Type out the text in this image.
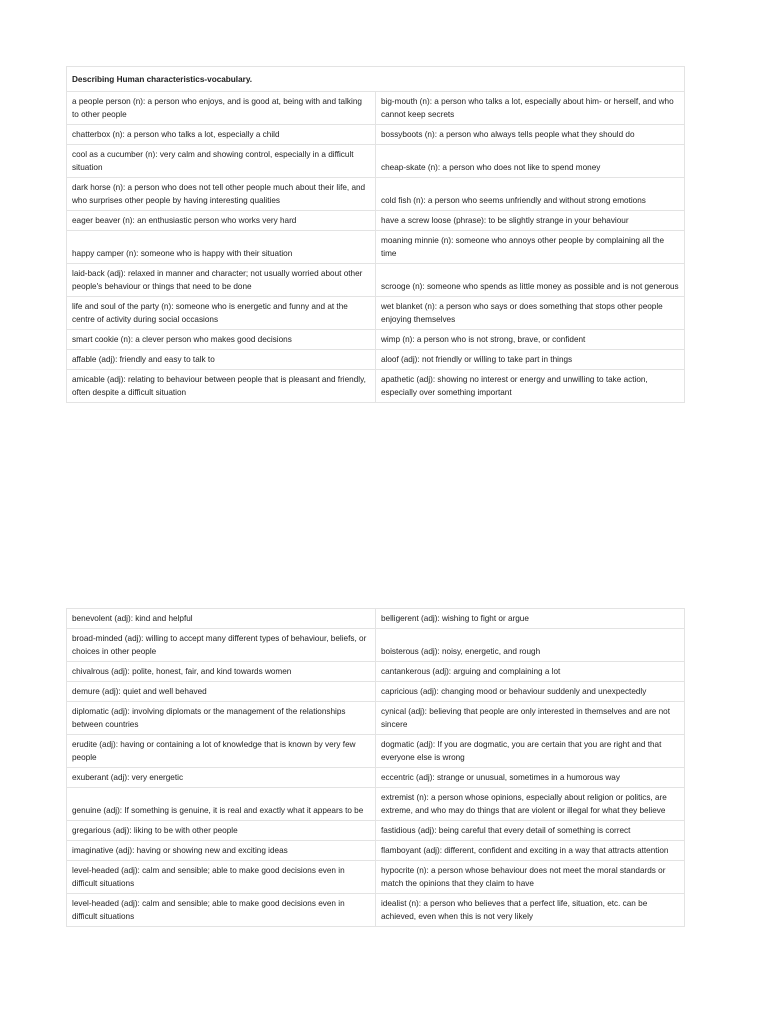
Describing Human characteristics-vocabulary.	
a people person (n): a person who enjoys, and is good at, being with and talking to other people	big-mouth (n): a person who talks a lot, especially about him- or herself, and who cannot keep secrets
chatterbox (n): a person who talks a lot, especially a child	bossyboots (n): a person who always tells people what they should do
cool as a cucumber (n): very calm and showing control, especially in a difficult situation	cheap-skate (n): a person who does not like to spend money
dark horse (n): a person who does not tell other people much about their life, and who surprises other people by having interesting qualities	cold fish (n): a person who seems unfriendly and without strong emotions
eager beaver (n): an enthusiastic person who works very hard	have a screw loose (phrase): to be slightly strange in your behaviour
happy camper (n): someone who is happy with their situation	moaning minnie (n): someone who annoys other people by complaining all the time
laid-back (adj): relaxed in manner and character; not usually worried about other people's behaviour or things that need to be done	scrooge (n): someone who spends as little money as possible and is not generous
life and soul of the party (n): someone who is energetic and funny and at the centre of activity during social occasions	wet blanket (n): a person who says or does something that stops other people enjoying themselves
smart cookie (n): a clever person who makes good decisions	wimp (n): a person who is not strong, brave, or confident
affable (adj): friendly and easy to talk to	aloof (adj): not friendly or willing to take part in things
amicable (adj): relating to behaviour between people that is pleasant and friendly, often despite a difficult situation	apathetic (adj): showing no interest or energy and unwilling to take action, especially over something important
benevolent (adj): kind and helpful	belligerent (adj): wishing to fight or argue
broad-minded (adj): willing to accept many different types of behaviour, beliefs, or choices in other people	boisterous (adj): noisy, energetic, and rough
chivalrous (adj): polite, honest, fair, and kind towards women	cantankerous (adj): arguing and complaining a lot
demure (adj): quiet and well behaved	capricious (adj): changing mood or behaviour suddenly and unexpectedly
diplomatic (adj): involving diplomats or the management of the relationships between countries	cynical (adj): believing that people are only interested in themselves and are not sincere
erudite (adj): having or containing a lot of knowledge that is known by very few people	dogmatic (adj): If you are dogmatic, you are certain that you are right and that everyone else is wrong
exuberant (adj): very energetic	eccentric (adj): strange or unusual, sometimes in a humorous way
genuine (adj): If something is genuine, it is real and exactly what it appears to be	extremist (n): a person whose opinions, especially about religion or politics, are extreme, and who may do things that are violent or illegal for what they believe
gregarious (adj): liking to be with other people	fastidious (adj): being careful that every detail of something is correct
imaginative (adj): having or showing new and exciting ideas	flamboyant (adj): different, confident and exciting in a way that attracts attention
level-headed (adj): calm and sensible; able to make good decisions even in difficult situations	hypocrite (n): a person whose behaviour does not meet the moral standards or match the opinions that they claim to have
level-headed (adj): calm and sensible; able to make good decisions even in difficult situations	idealist (n): a person who believes that a perfect life, situation, etc. can be achieved, even when this is not very likely
